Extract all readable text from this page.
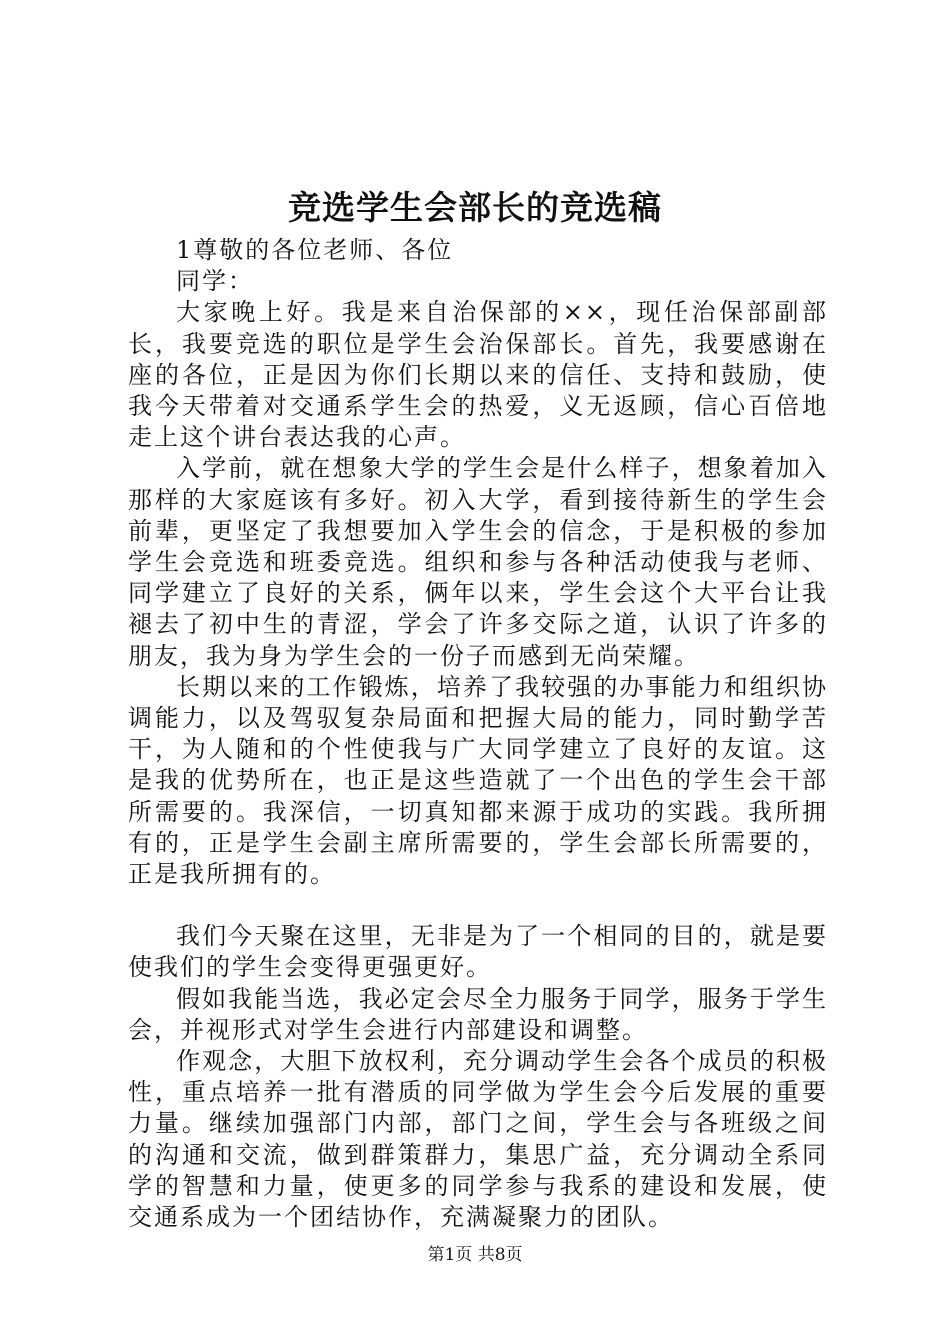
竞选学生会部长的竞选稿

1尊敬的各位老师、各位

同学：

大家晚上好。我是来自治保部的××，现任治保部副部长，我要竞选的职位是学生会治保部长。首先，我要感谢在座的各位，正是因为你们长期以来的信任、支持和鼓励，使我今天带着对交通系学生会的热爱，义无返顾，信心百倍地走上这个讲台表达我的心声。

入学前，就在想象大学的学生会是什么样子，想象着加入那样的大家庭该有多好。初入大学，看到接待新生的学生会前辈，更坚定了我想要加入学生会的信念，于是积极的参加学生会竞选和班委竞选。组织和参与各种活动使我与老师、同学建立了良好的关系，俩年以来，学生会这个大平台让我褪去了初中生的青涩，学会了许多交际之道，认识了许多的朋友，我为身为学生会的一份子而感到无尚荣耀。

长期以来的工作锻炼，培养了我较强的办事能力和组织协调能力，以及驾驭复杂局面和把握大局的能力，同时勤学苦干，为人随和的个性使我与广大同学建立了良好的友谊。这是我的优势所在，也正是这些造就了一个出色的学生会干部所需要的。我深信，一切真知都来源于成功的实践。我所拥有的，正是学生会副主席所需要的，学生会部长所需要的，正是我所拥有的。

我们今天聚在这里，无非是为了一个相同的目的，就是要使我们的学生会变得更强更好。

假如我能当选，我必定会尽全力服务于同学，服务于学生会，并视形式对学生会进行内部建设和调整。

作观念，大胆下放权利，充分调动学生会各个成员的积极性，重点培养一批有潜质的同学做为学生会今后发展的重要力量。继续加强部门内部，部门之间，学生会与各班级之间的沟通和交流，做到群策群力，集思广益，充分调动全系同学的智慧和力量，使更多的同学参与我系的建设和发展，使交通系成为一个团结协作，充满凝聚力的团队。

第1页 共8页
